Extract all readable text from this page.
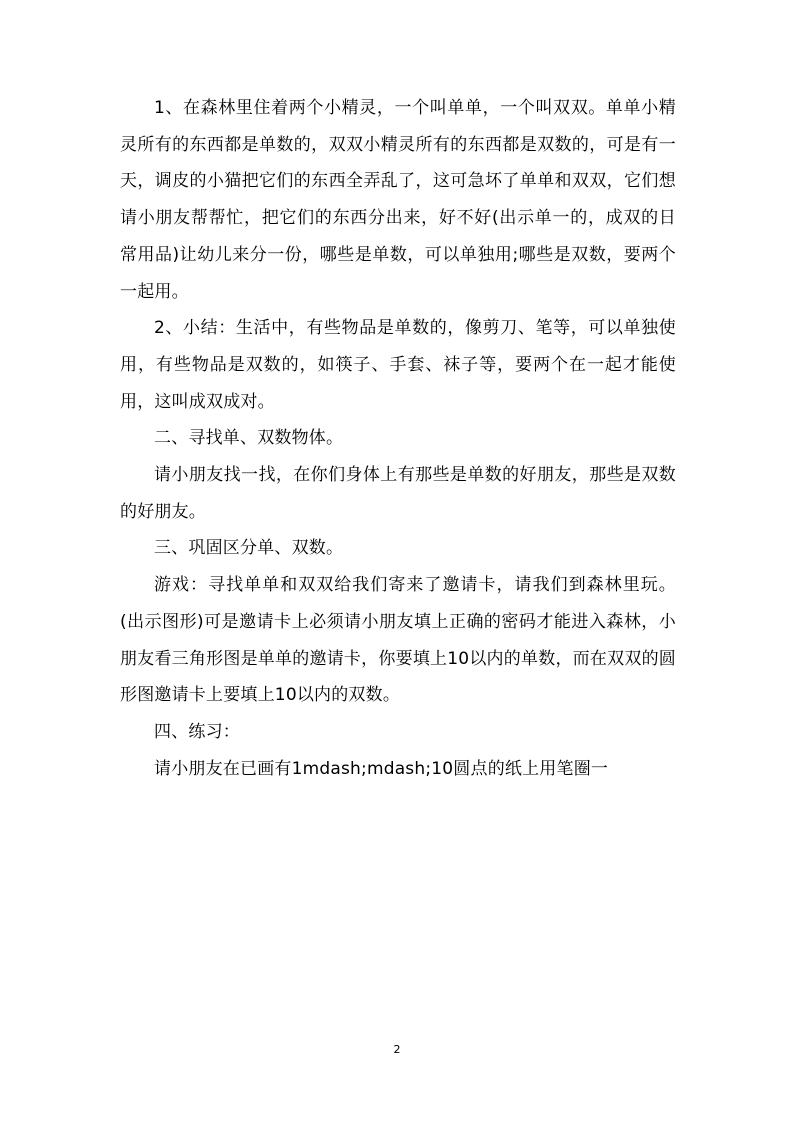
1、在森林里住着两个小精灵，一个叫单单，一个叫双双。单单小精灵所有的东西都是单数的，双双小精灵所有的东西都是双数的，可是有一天，调皮的小猫把它们的东西全弄乱了，这可急坏了单单和双双，它们想请小朋友帮帮忙，把它们的东西分出来，好不好(出示单一的，成双的日常用品)让幼儿来分一份，哪些是单数，可以单独用;哪些是双数，要两个一起用。

2、小结：生活中，有些物品是单数的，像剪刀、笔等，可以单独使用，有些物品是双数的，如筷子、手套、袜子等，要两个在一起才能使用，这叫成双成对。

二、寻找单、双数物体。

请小朋友找一找，在你们身体上有那些是单数的好朋友，那些是双数的好朋友。

三、巩固区分单、双数。

游戏：寻找单单和双双给我们寄来了邀请卡，请我们到森林里玩。(出示图形)可是邀请卡上必须请小朋友填上正确的密码才能进入森林，小朋友看三角形图是单单的邀请卡，你要填上10以内的单数，而在双双的圆形图邀请卡上要填上10以内的双数。

四、练习：

请小朋友在已画有1mdash;mdash;10圆点的纸上用笔圈一

2
